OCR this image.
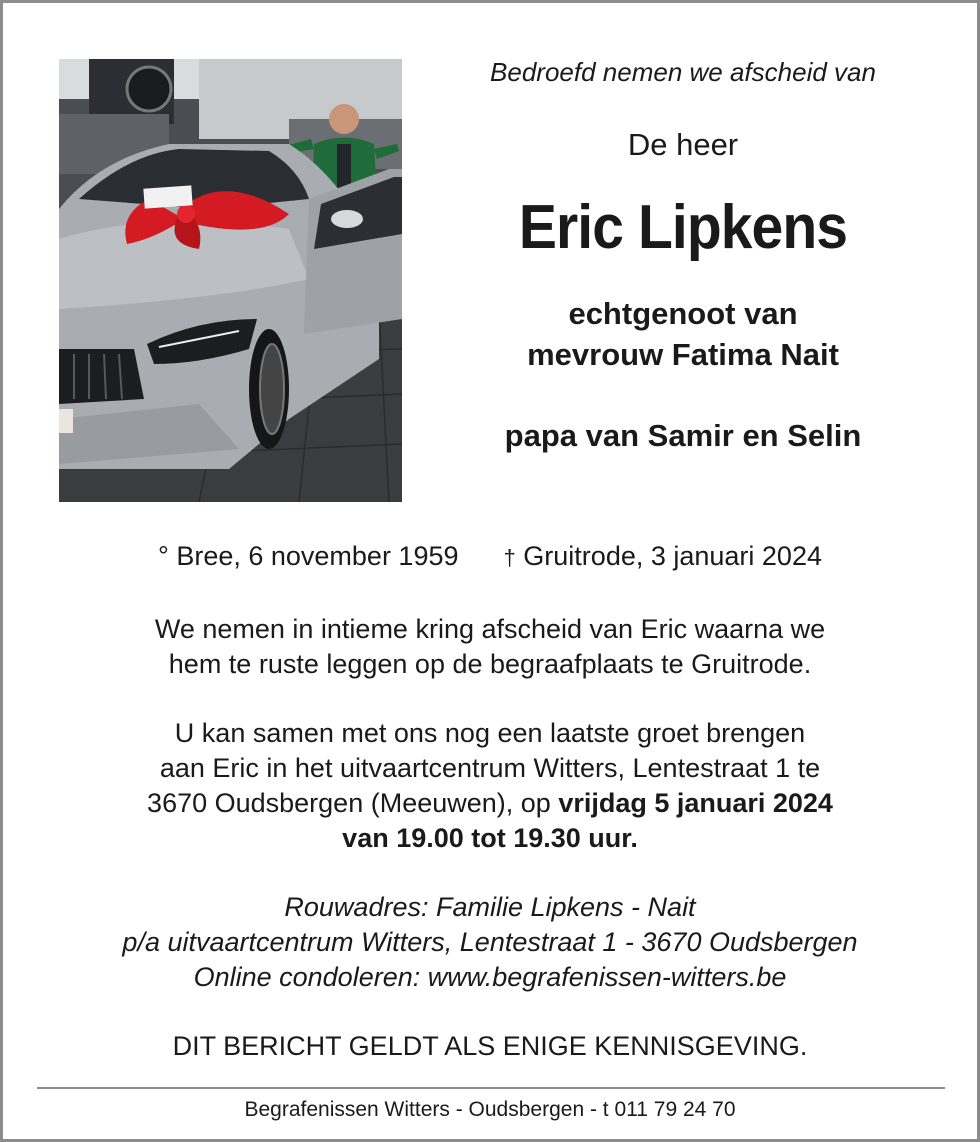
Bedroefd nemen we afscheid van
De heer
Eric Lipkens
echtgenoot van
mevrouw Fatima Nait
papa van Samir en Selin
° Bree, 6 november 1959 † Gruitrode, 3 januari 2024
We nemen in intieme kring afscheid van Eric waarna we
hem te ruste leggen op de begraafplaats te Gruitrode.
U kan samen met ons nog een laatste groet brengen
aan Eric in het uitvaartcentrum Witters, Lentestraat 1 te
3670 Oudsbergen (Meeuwen), op vrijdag 5 januari 2024
van 19.00 tot 19.30 uur.
Rouwadres: Familie Lipkens - Nait
p/a uitvaartcentrum Witters, Lentestraat 1 - 3670 Oudsbergen
Online condoleren: www.begrafenissen-witters.be
DIT BERICHT GELDT ALS ENIGE KENNISGEVING.
Begrafenissen Witters - Oudsbergen - t 011 79 24 70
